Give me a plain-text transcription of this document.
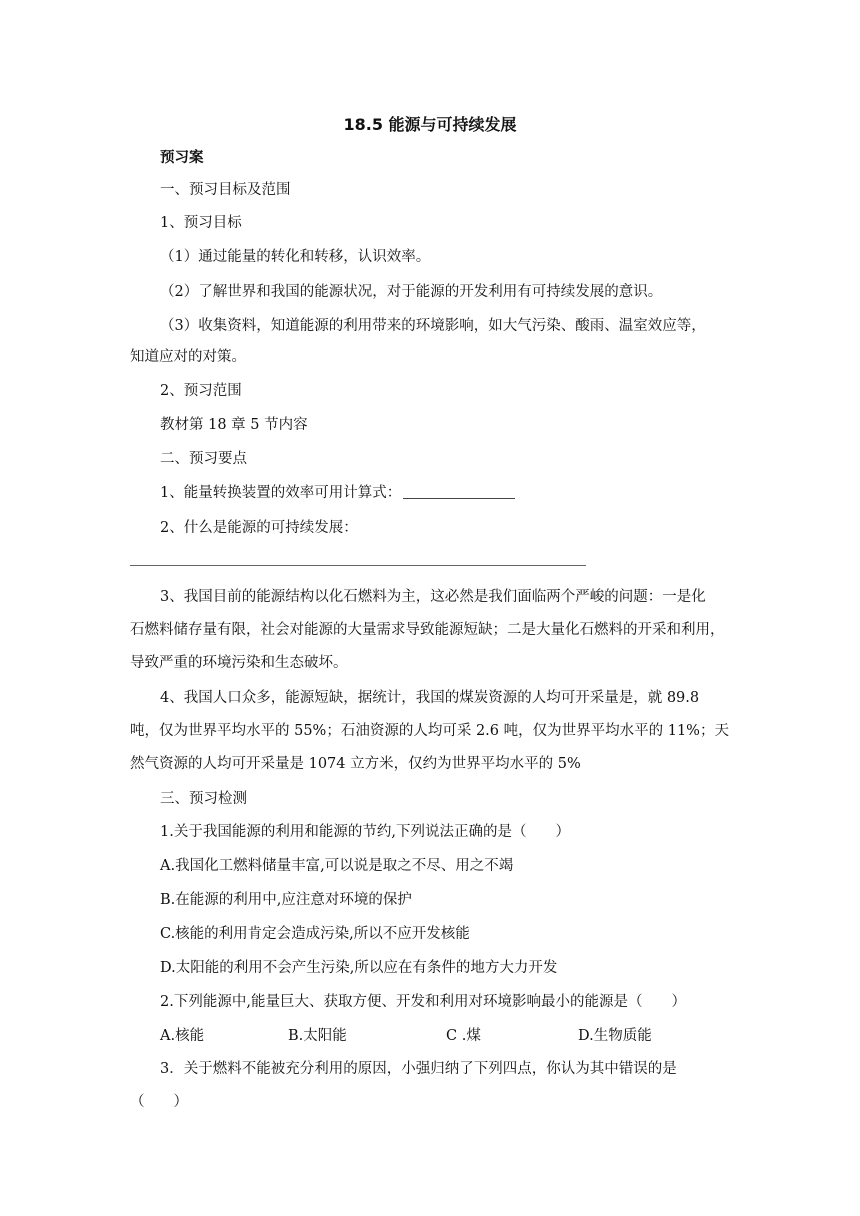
18.5 能源与可持续发展
预习案
一、预习目标及范围
1、预习目标
（1）通过能量的转化和转移，认识效率。
（2）了解世界和我国的能源状况，对于能源的开发利用有可持续发展的意识。
（3）收集资料，知道能源的利用带来的环境影响，如大气污染、酸雨、温室效应等，
知道应对的对策。
2、预习范围
教材第 18 章 5 节内容
二、预习要点
1、能量转换装置的效率可用计算式：
2、什么是能源的可持续发展：
3、我国目前的能源结构以化石燃料为主，这必然是我们面临两个严峻的问题：一是化
石燃料储存量有限，社会对能源的大量需求导致能源短缺；二是大量化石燃料的开采和利用，
导致严重的环境污染和生态破坏。
4、我国人口众多，能源短缺，据统计，我国的煤炭资源的人均可开采量是，就 89.8
吨，仅为世界平均水平的 55%；石油资源的人均可采 2.6 吨，仅为世界平均水平的 11%；天
然气资源的人均可开采量是 1074 立方米，仅约为世界平均水平的 5%
三、预习检测
1.关于我国能源的利用和能源的节约,下列说法正确的是（　　）
A.我国化工燃料储量丰富,可以说是取之不尽、用之不竭
B.在能源的利用中,应注意对环境的保护
C.核能的利用肯定会造成污染,所以不应开发核能
D.太阳能的利用不会产生污染,所以应在有条件的地方大力开发
2.下列能源中,能量巨大、获取方便、开发和利用对环境影响最小的能源是（　　）
A.核能	B.太阳能	C .煤	D.生物质能
3．关于燃料不能被充分利用的原因，小强归纳了下列四点，你认为其中错误的是
（　　）
